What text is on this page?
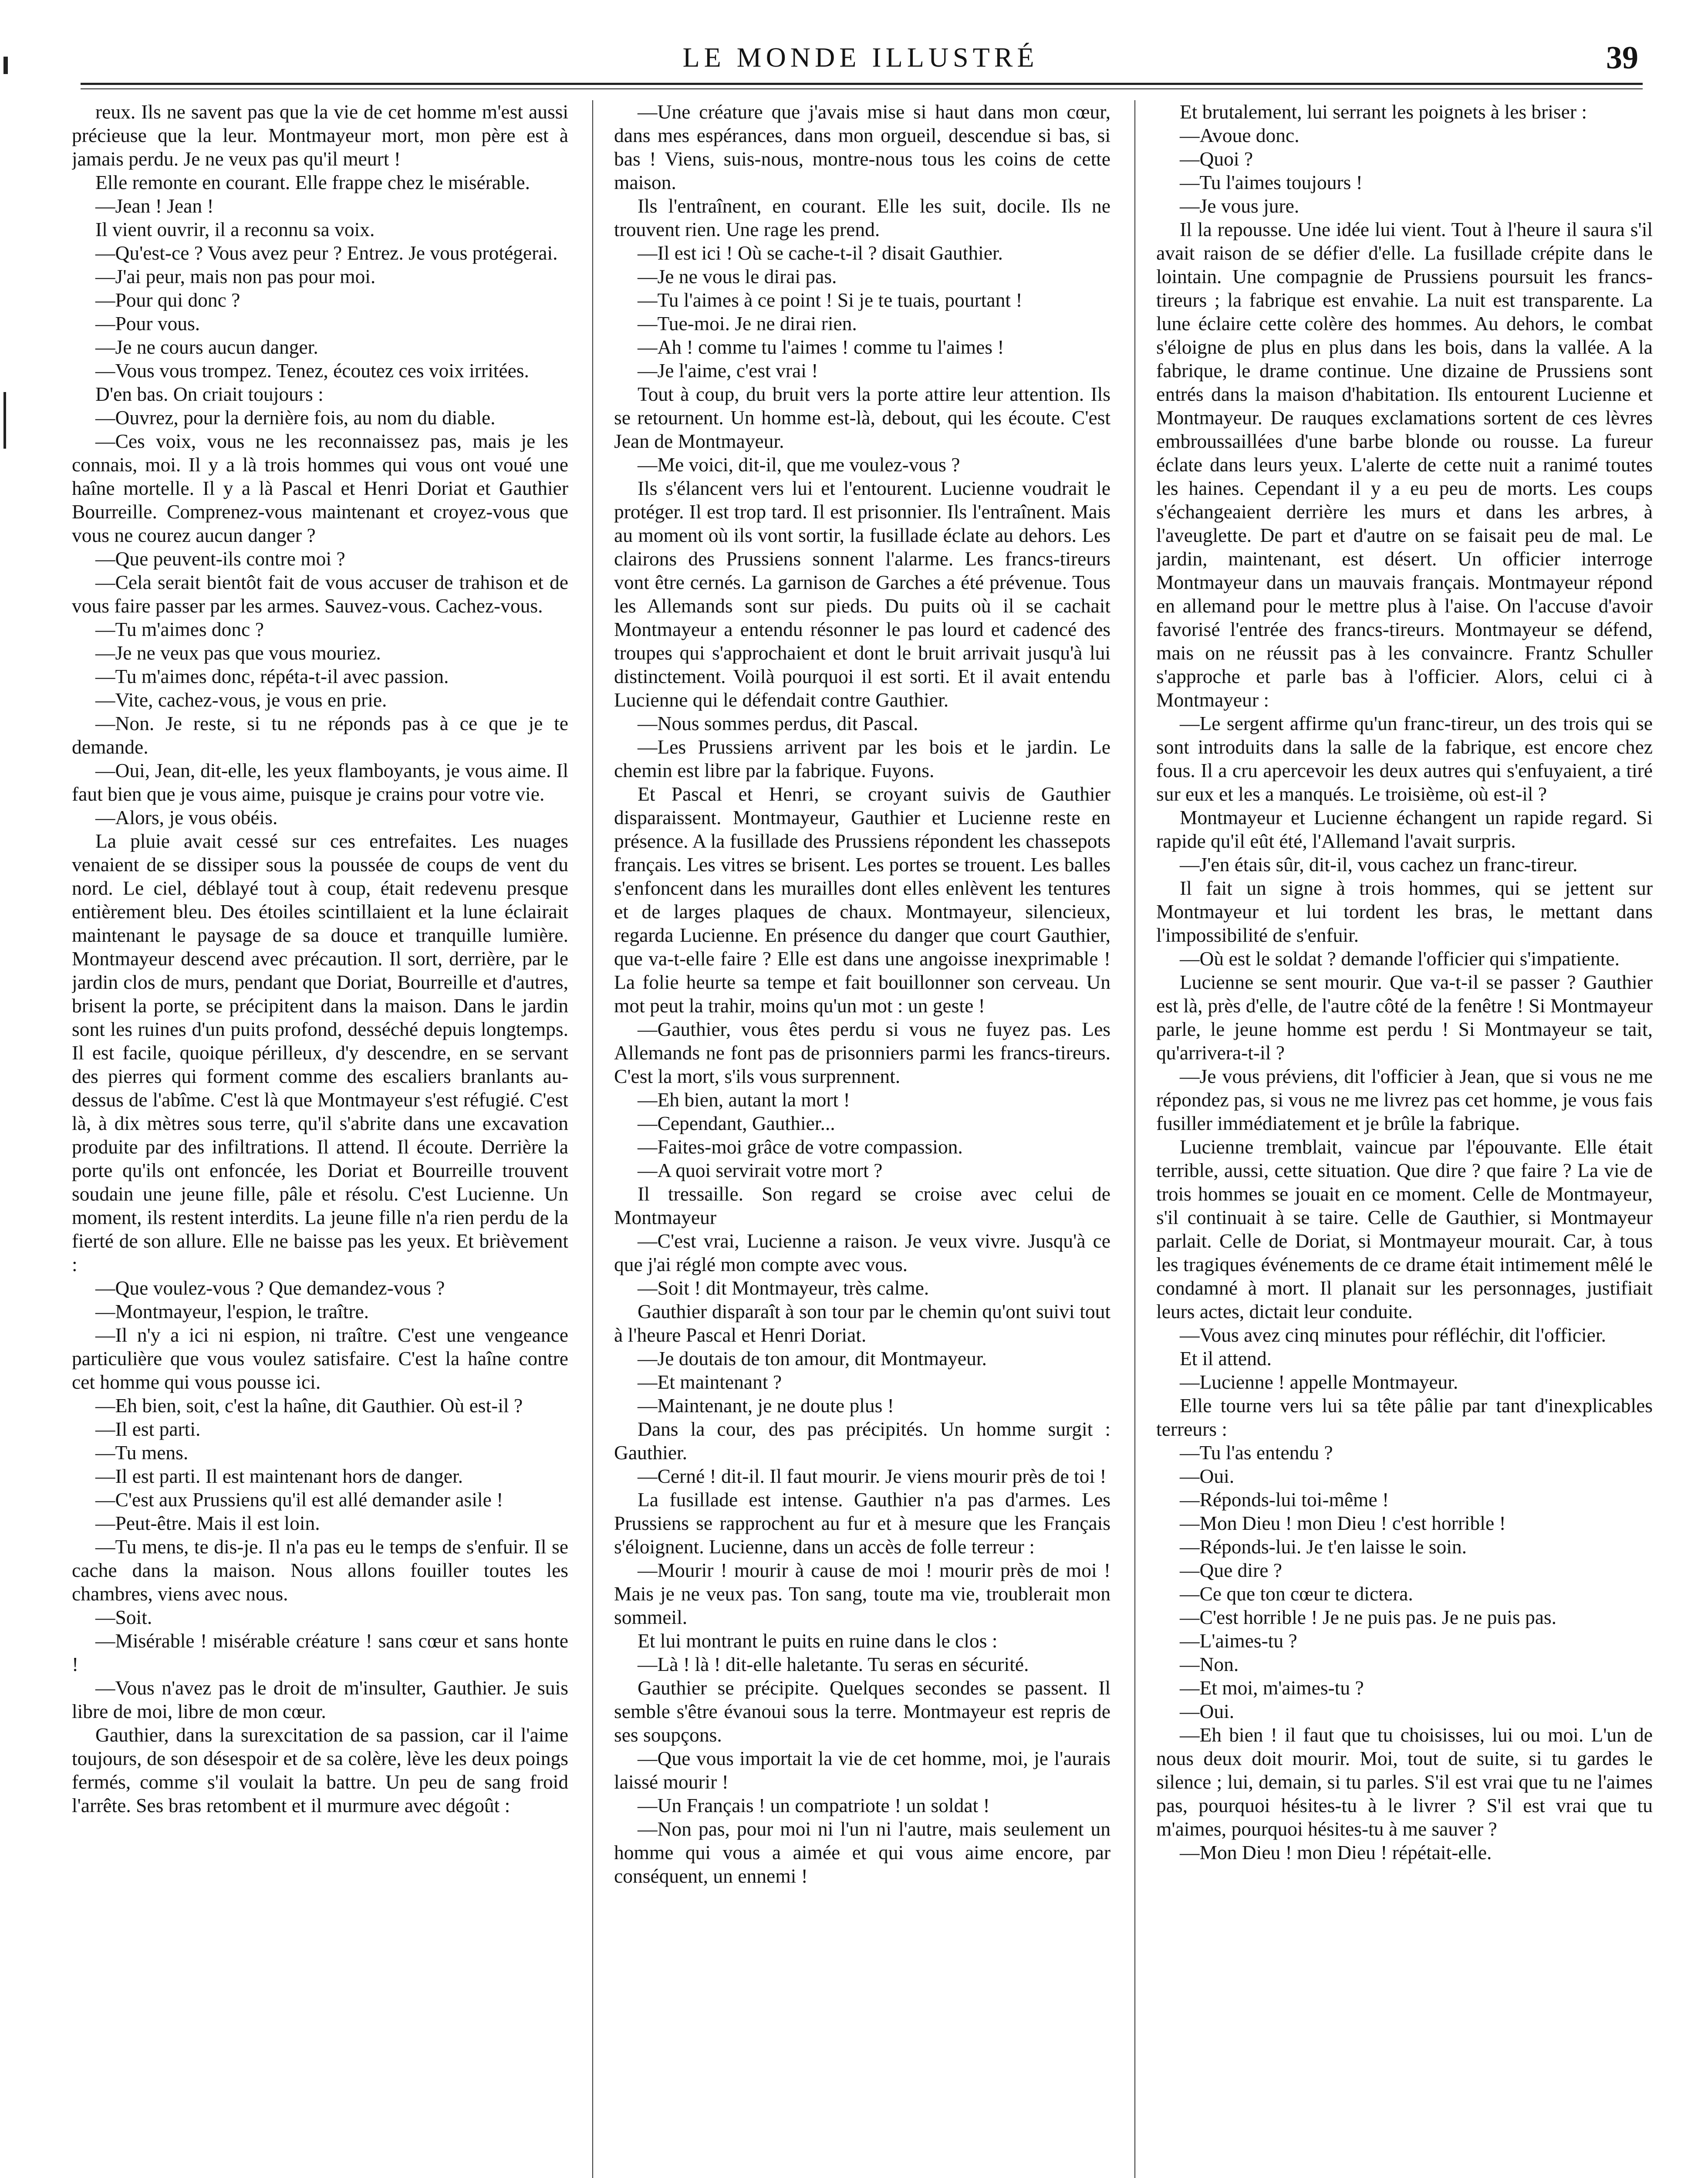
LE MONDE ILLUSTRÉ	39

reux. Ils ne savent pas que la vie de cet homme m'est aussi précieuse que la leur. Montmayeur mort, mon père est à jamais perdu. Je ne veux pas qu'il meurt !

Elle remonte en courant. Elle frappe chez le misérable.

—Jean ! Jean !

Il vient ouvrir, il a reconnu sa voix.

—Qu'est-ce ? Vous avez peur ? Entrez. Je vous protégerai.

—J'ai peur, mais non pas pour moi.

—Pour qui donc ?

—Pour vous.

—Je ne cours aucun danger.

—Vous vous trompez. Tenez, écoutez ces voix irritées.

D'en bas. On criait toujours :

—Ouvrez, pour la dernière fois, au nom du diable.

—Ces voix, vous ne les reconnaissez pas, mais je les connais, moi. Il y a là trois hommes qui vous ont voué une haîne mortelle. Il y a là Pascal et Henri Doriat et Gauthier Bourreille. Comprenez-vous maintenant et croyez-vous que vous ne courez aucun danger ?

—Que peuvent-ils contre moi ?

—Cela serait bientôt fait de vous accuser de trahison et de vous faire passer par les armes. Sauvez-vous. Cachez-vous.

—Tu m'aimes donc ?

—Je ne veux pas que vous mouriez.

—Tu m'aimes donc, répéta-t-il avec passion.

—Vite, cachez-vous, je vous en prie.

—Non. Je reste, si tu ne réponds pas à ce que je te demande.

—Oui, Jean, dit-elle, les yeux flamboyants, je vous aime. Il faut bien que je vous aime, puisque je crains pour votre vie.

—Alors, je vous obéis.

La pluie avait cessé sur ces entrefaites. Les nuages venaient de se dissiper sous la poussée de coups de vent du nord. Le ciel, déblayé tout à coup, était redevenu presque entièrement bleu. Des étoiles scintillaient et la lune éclairait maintenant le paysage de sa douce et tranquille lumière. Montmayeur descend avec précaution. Il sort, derrière, par le jardin clos de murs, pendant que Doriat, Bourreille et d'autres, brisent la porte, se précipitent dans la maison. Dans le jardin sont les ruines d'un puits profond, desséché depuis longtemps. Il est facile, quoique périlleux, d'y descendre, en se servant des pierres qui forment comme des escaliers branlants au-dessus de l'abîme. C'est là que Montmayeur s'est réfugié. C'est là, à dix mètres sous terre, qu'il s'abrite dans une excavation produite par des infiltrations. Il attend. Il écoute. Derrière la porte qu'ils ont enfoncée, les Doriat et Bourreille trouvent soudain une jeune fille, pâle et résolu. C'est Lucienne. Un moment, ils restent interdits. La jeune fille n'a rien perdu de la fierté de son allure. Elle ne baisse pas les yeux. Et brièvement :

—Que voulez-vous ? Que demandez-vous ?

—Montmayeur, l'espion, le traître.

—Il n'y a ici ni espion, ni traître. C'est une vengeance particulière que vous voulez satisfaire. C'est la haîne contre cet homme qui vous pousse ici.

—Eh bien, soit, c'est la haîne, dit Gauthier. Où est-il ?

—Il est parti.

—Tu mens.

—Il est parti. Il est maintenant hors de danger.

—C'est aux Prussiens qu'il est allé demander asile !

—Peut-être. Mais il est loin.

—Tu mens, te dis-je. Il n'a pas eu le temps de s'enfuir. Il se cache dans la maison. Nous allons fouiller toutes les chambres, viens avec nous.

—Soit.

—Misérable ! misérable créature ! sans cœur et sans honte !

—Vous n'avez pas le droit de m'insulter, Gauthier. Je suis libre de moi, libre de mon cœur.

Gauthier, dans la surexcitation de sa passion, car il l'aime toujours, de son désespoir et de sa colère, lève les deux poings fermés, comme s'il voulait la battre. Un peu de sang froid l'arrête. Ses bras retombent et il murmure avec dégoût :

—Une créature que j'avais mise si haut dans mon cœur, dans mes espérances, dans mon orgueil, descendue si bas, si bas ! Viens, suis-nous, montre-nous tous les coins de cette maison.

Ils l'entraînent, en courant. Elle les suit, docile. Ils ne trouvent rien. Une rage les prend.

—Il est ici ! Où se cache-t-il ? disait Gauthier.

—Je ne vous le dirai pas.

—Tu l'aimes à ce point ! Si je te tuais, pourtant !

—Tue-moi. Je ne dirai rien.

—Ah ! comme tu l'aimes ! comme tu l'aimes !

—Je l'aime, c'est vrai !

Tout à coup, du bruit vers la porte attire leur attention. Ils se retournent. Un homme est-là, debout, qui les écoute. C'est Jean de Montmayeur.

—Me voici, dit-il, que me voulez-vous ?

Ils s'élancent vers lui et l'entourent. Lucienne voudrait le protéger. Il est trop tard. Il est prisonnier. Ils l'entraînent. Mais au moment où ils vont sortir, la fusillade éclate au dehors. Les clairons des Prussiens sonnent l'alarme. Les francs-tireurs vont être cernés. La garnison de Garches a été prévenue. Tous les Allemands sont sur pieds. Du puits où il se cachait Montmayeur a entendu résonner le pas lourd et cadencé des troupes qui s'approchaient et dont le bruit arrivait jusqu'à lui distinctement. Voilà pourquoi il est sorti. Et il avait entendu Lucienne qui le défendait contre Gauthier.

—Nous sommes perdus, dit Pascal.

—Les Prussiens arrivent par les bois et le jardin. Le chemin est libre par la fabrique. Fuyons.

Et Pascal et Henri, se croyant suivis de Gauthier disparaissent. Montmayeur, Gauthier et Lucienne reste en présence. A la fusillade des Prussiens répondent les chassepots français. Les vitres se brisent. Les portes se trouent. Les balles s'enfoncent dans les murailles dont elles enlèvent les tentures et de larges plaques de chaux. Montmayeur, silencieux, regarda Lucienne. En présence du danger que court Gauthier, que va-t-elle faire ? Elle est dans une angoisse inexprimable ! La folie heurte sa tempe et fait bouillonner son cerveau. Un mot peut la trahir, moins qu'un mot : un geste !

—Gauthier, vous êtes perdu si vous ne fuyez pas. Les Allemands ne font pas de prisonniers parmi les francs-tireurs. C'est la mort, s'ils vous surprennent.

—Eh bien, autant la mort !

—Cependant, Gauthier...

—Faites-moi grâce de votre compassion.

—A quoi servirait votre mort ?

Il tressaille. Son regard se croise avec celui de Montmayeur

—C'est vrai, Lucienne a raison. Je veux vivre. Jusqu'à ce que j'ai réglé mon compte avec vous.

—Soit ! dit Montmayeur, très calme.

Gauthier disparaît à son tour par le chemin qu'ont suivi tout à l'heure Pascal et Henri Doriat.

—Je doutais de ton amour, dit Montmayeur.

—Et maintenant ?

—Maintenant, je ne doute plus !

Dans la cour, des pas précipités. Un homme surgit : Gauthier.

—Cerné ! dit-il. Il faut mourir. Je viens mourir près de toi !

La fusillade est intense. Gauthier n'a pas d'armes. Les Prussiens se rapprochent au fur et à mesure que les Français s'éloignent. Lucienne, dans un accès de folle terreur :

—Mourir ! mourir à cause de moi ! mourir près de moi ! Mais je ne veux pas. Ton sang, toute ma vie, troublerait mon sommeil.

Et lui montrant le puits en ruine dans le clos :

—Là ! là ! dit-elle haletante. Tu seras en sécurité.

Gauthier se précipite. Quelques secondes se passent. Il semble s'être évanoui sous la terre. Montmayeur est repris de ses soupçons.

—Que vous importait la vie de cet homme, moi, je l'aurais laissé mourir !

—Un Français ! un compatriote ! un soldat !

—Non pas, pour moi ni l'un ni l'autre, mais seulement un homme qui vous a aimée et qui vous aime encore, par conséquent, un ennemi !

Et brutalement, lui serrant les poignets à les briser :

—Avoue donc.

—Quoi ?

—Tu l'aimes toujours !

—Je vous jure.

Il la repousse. Une idée lui vient. Tout à l'heure il saura s'il avait raison de se défier d'elle. La fusillade crépite dans le lointain. Une compagnie de Prussiens poursuit les francs-tireurs ; la fabrique est envahie. La nuit est transparente. La lune éclaire cette colère des hommes. Au dehors, le combat s'éloigne de plus en plus dans les bois, dans la vallée. A la fabrique, le drame continue. Une dizaine de Prussiens sont entrés dans la maison d'habitation. Ils entourent Lucienne et Montmayeur. De rauques exclamations sortent de ces lèvres embroussaillées d'une barbe blonde ou rousse. La fureur éclate dans leurs yeux. L'alerte de cette nuit a ranimé toutes les haines. Cependant il y a eu peu de morts. Les coups s'échangeaient derrière les murs et dans les arbres, à l'aveuglette. De part et d'autre on se faisait peu de mal. Le jardin, maintenant, est désert. Un officier interroge Montmayeur dans un mauvais français. Montmayeur répond en allemand pour le mettre plus à l'aise. On l'accuse d'avoir favorisé l'entrée des francs-tireurs. Montmayeur se défend, mais on ne réussit pas à les convaincre. Frantz Schuller s'approche et parle bas à l'officier. Alors, celui ci à Montmayeur :

—Le sergent affirme qu'un franc-tireur, un des trois qui se sont introduits dans la salle de la fabrique, est encore chez fous. Il a cru apercevoir les deux autres qui s'enfuyaient, a tiré sur eux et les a manqués. Le troisième, où est-il ?

Montmayeur et Lucienne échangent un rapide regard. Si rapide qu'il eût été, l'Allemand l'avait surpris.

—J'en étais sûr, dit-il, vous cachez un franc-tireur.

Il fait un signe à trois hommes, qui se jettent sur Montmayeur et lui tordent les bras, le mettant dans l'impossibilité de s'enfuir.

—Où est le soldat ? demande l'officier qui s'impatiente.

Lucienne se sent mourir. Que va-t-il se passer ? Gauthier est là, près d'elle, de l'autre côté de la fenêtre ! Si Montmayeur parle, le jeune homme est perdu ! Si Montmayeur se tait, qu'arrivera-t-il ?

—Je vous préviens, dit l'officier à Jean, que si vous ne me répondez pas, si vous ne me livrez pas cet homme, je vous fais fusiller immédiatement et je brûle la fabrique.

Lucienne tremblait, vaincue par l'épouvante. Elle était terrible, aussi, cette situation. Que dire ? que faire ? La vie de trois hommes se jouait en ce moment. Celle de Montmayeur, s'il continuait à se taire. Celle de Gauthier, si Montmayeur parlait. Celle de Doriat, si Montmayeur mourait. Car, à tous les tragiques événements de ce drame était intimement mêlé le condamné à mort. Il planait sur les personnages, justifiait leurs actes, dictait leur conduite.

—Vous avez cinq minutes pour réfléchir, dit l'officier.

Et il attend.

—Lucienne ! appelle Montmayeur.

Elle tourne vers lui sa tête pâlie par tant d'inexplicables terreurs :

—Tu l'as entendu ?

—Oui.

—Réponds-lui toi-même !

—Mon Dieu ! mon Dieu ! c'est horrible !

—Réponds-lui. Je t'en laisse le soin.

—Que dire ?

—Ce que ton cœur te dictera.

—C'est horrible ! Je ne puis pas. Je ne puis pas.

—L'aimes-tu ?

—Non.

—Et moi, m'aimes-tu ?

—Oui.

—Eh bien ! il faut que tu choisisses, lui ou moi. L'un de nous deux doit mourir. Moi, tout de suite, si tu gardes le silence ; lui, demain, si tu parles. S'il est vrai que tu ne l'aimes pas, pourquoi hésites-tu à le livrer ? S'il est vrai que tu m'aimes, pourquoi hésites-tu à me sauver ?

—Mon Dieu ! mon Dieu ! répétait-elle.
